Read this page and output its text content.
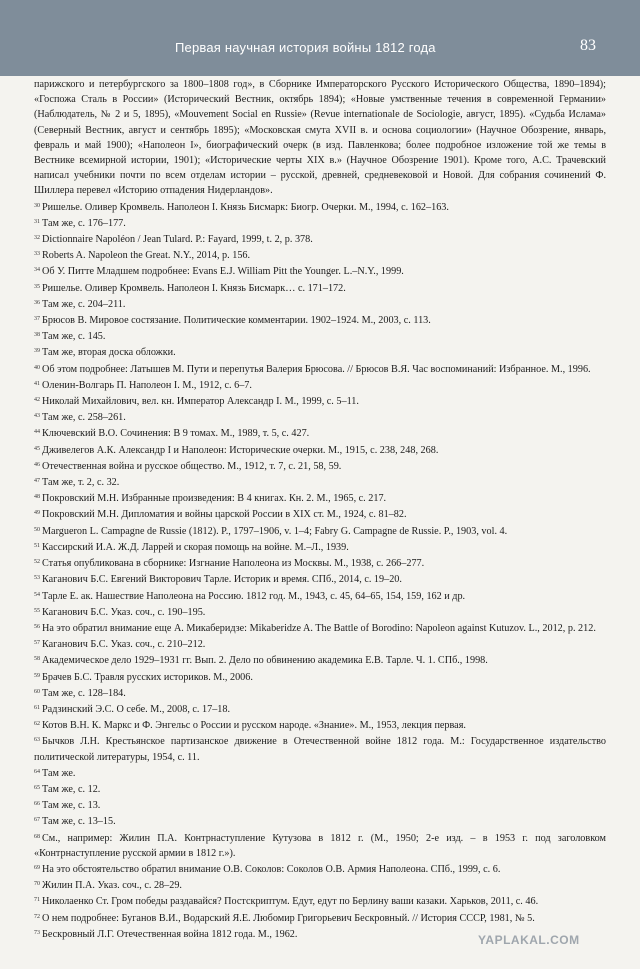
Первая научная история войны 1812 года	83

парижского и петербургского за 1800–1808 год», в Сборнике Императорского Русского Исторического Общества, 1890–1894); «Госпожа Сталь в России» (Исторический Вестник, октябрь 1894); «Новые умственные течения в современной Германии» (Наблюдатель, № 2 и 5, 1895), «Mouvement Social en Russie» (Revue internationale de Sociologie, август, 1895). «Судьба Ислама» (Северный Вестник, август и сентябрь 1895); «Московская смута XVII в. и основа социологии» (Научное Обозрение, январь, февраль и май 1900); «Наполеон I», биографический очерк (в изд. Павленкова; более подробное изложение той же темы в Вестнике всемирной истории, 1901); «Исторические черты XIX в.» (Научное Обозрение 1901). Кроме того, А.С. Трачевский написал учебники почти по всем отделам истории – русской, древней, средневековой и Новой. Для собрания сочинений Ф. Шиллера перевел «Историю отпадения Нидерландов».

$^{30}$ Ришелье. Оливер Кромвель. Наполеон I. Князь Бисмарк: Биогр. Очерки. М., 1994, с. 162–163.

$^{31}$ Там же, с. 176–177.

$^{32}$ Dictionnaire Napoléon / Jean Tulard. P.: Fayard, 1999, t. 2, p. 378.

$^{33}$ Roberts A. Napoleon the Great. N.Y., 2014, p. 156.

$^{34}$ Об У. Питте Младшем подробнее: Evans E.J. William Pitt the Younger. L.–N.Y., 1999.

$^{35}$ Ришелье. Оливер Кромвель. Наполеон I. Князь Бисмарк… с. 171–172.

$^{36}$ Там же, с. 204–211.

$^{37}$ Брюсов В. Мировое состязание. Политические комментарии. 1902–1924. М., 2003, с. 113.

$^{38}$ Там же, с. 145.

$^{39}$ Там же, вторая доска обложки.

$^{40}$ Об этом подробнее: Латышев М. Пути и перепутья Валерия Брюсова. // Брюсов В.Я. Час воспоминаний: Избранное. М., 1996.

$^{41}$ Оленин-Волгарь П. Наполеон I. М., 1912, с. 6–7.

$^{42}$ Николай Михайлович, вел. кн. Император Александр I. М., 1999, с. 5–11.

$^{43}$ Там же, с. 258–261.

$^{44}$ Ключевский В.О. Сочинения: В 9 томах. М., 1989, т. 5, с. 427.

$^{45}$ Дживелегов А.К. Александр I и Наполеон: Исторические очерки. М., 1915, с. 238, 248, 268.

$^{46}$ Отечественная война и русское общество. М., 1912, т. 7, с. 21, 58, 59.

$^{47}$ Там же, т. 2, с. 32.

$^{48}$ Покровский М.Н. Избранные произведения: В 4 книгах. Кн. 2. М., 1965, с. 217.

$^{49}$ Покровский М.Н. Дипломатия и войны царской России в XIX ст. М., 1924, с. 81–82.

$^{50}$ Margueron L. Campagne de Russie (1812). P., 1797–1906, v. 1–4; Fabry G. Campagne de Russie. P., 1903, vol. 4.

$^{51}$ Кассирский И.А. Ж.Д. Ларрей и скорая помощь на войне. М.–Л., 1939.

$^{52}$ Статья опубликована в сборнике: Изгнание Наполеона из Москвы. М., 1938, с. 266–277.

$^{53}$ Каганович Б.С. Евгений Викторович Тарле. Историк и время. СПб., 2014, с. 19–20.

$^{54}$ Тарле Е. ак. Нашествие Наполеона на Россию. 1812 год. М., 1943, с. 45, 64–65, 154, 159, 162 и др.

$^{55}$ Каганович Б.С. Указ. соч., с. 190–195.

$^{56}$ На это обратил внимание еще А. Микаберидзе: Mikaberidze A. The Battle of Borodino: Napoleon against Kutuzov. L., 2012, p. 212.

$^{57}$ Каганович Б.С. Указ. соч., с. 210–212.

$^{58}$ Академическое дело 1929–1931 гг. Вып. 2. Дело по обвинению академика Е.В. Тарле. Ч. 1. СПб., 1998.

$^{59}$ Брачев Б.С. Травля русских историков. М., 2006.

$^{60}$ Там же, с. 128–184.

$^{61}$ Радзинский Э.С. О себе. М., 2008, с. 17–18.

$^{62}$ Котов В.Н. К. Маркс и Ф. Энгельс о России и русском народе. «Знание». М., 1953, лекция первая.

$^{63}$ Бычков Л.Н. Крестьянское партизанское движение в Отечественной войне 1812 года. М.: Государственное издательство политической литературы, 1954, с. 11.

$^{64}$ Там же.

$^{65}$ Там же, с. 12.

$^{66}$ Там же, с. 13.

$^{67}$ Там же, с. 13–15.

$^{68}$ См., например: Жилин П.А. Контрнаступление Кутузова в 1812 г. (М., 1950; 2-е изд. – в 1953 г. под заголовком «Контрнаступление русской армии в 1812 г.»).

$^{69}$ На это обстоятельство обратил внимание О.В. Соколов: Соколов О.В. Армия Наполеона. СПб., 1999, с. 6.

$^{70}$ Жилин П.А. Указ. соч., с. 28–29.

$^{71}$ Николаенко Ст. Гром победы раздавайся? Постскриптум. Едут, едут по Берлину ваши казаки. Харьков, 2011, с. 46.

$^{72}$ О нем подробнее: Буганов В.И., Водарский Я.Е. Любомир Григорьевич Бескровный. // История СССР, 1981, № 5.

$^{73}$ Бескровный Л.Г. Отечественная война 1812 года. М., 1962.	YAPLAKAL.COM
